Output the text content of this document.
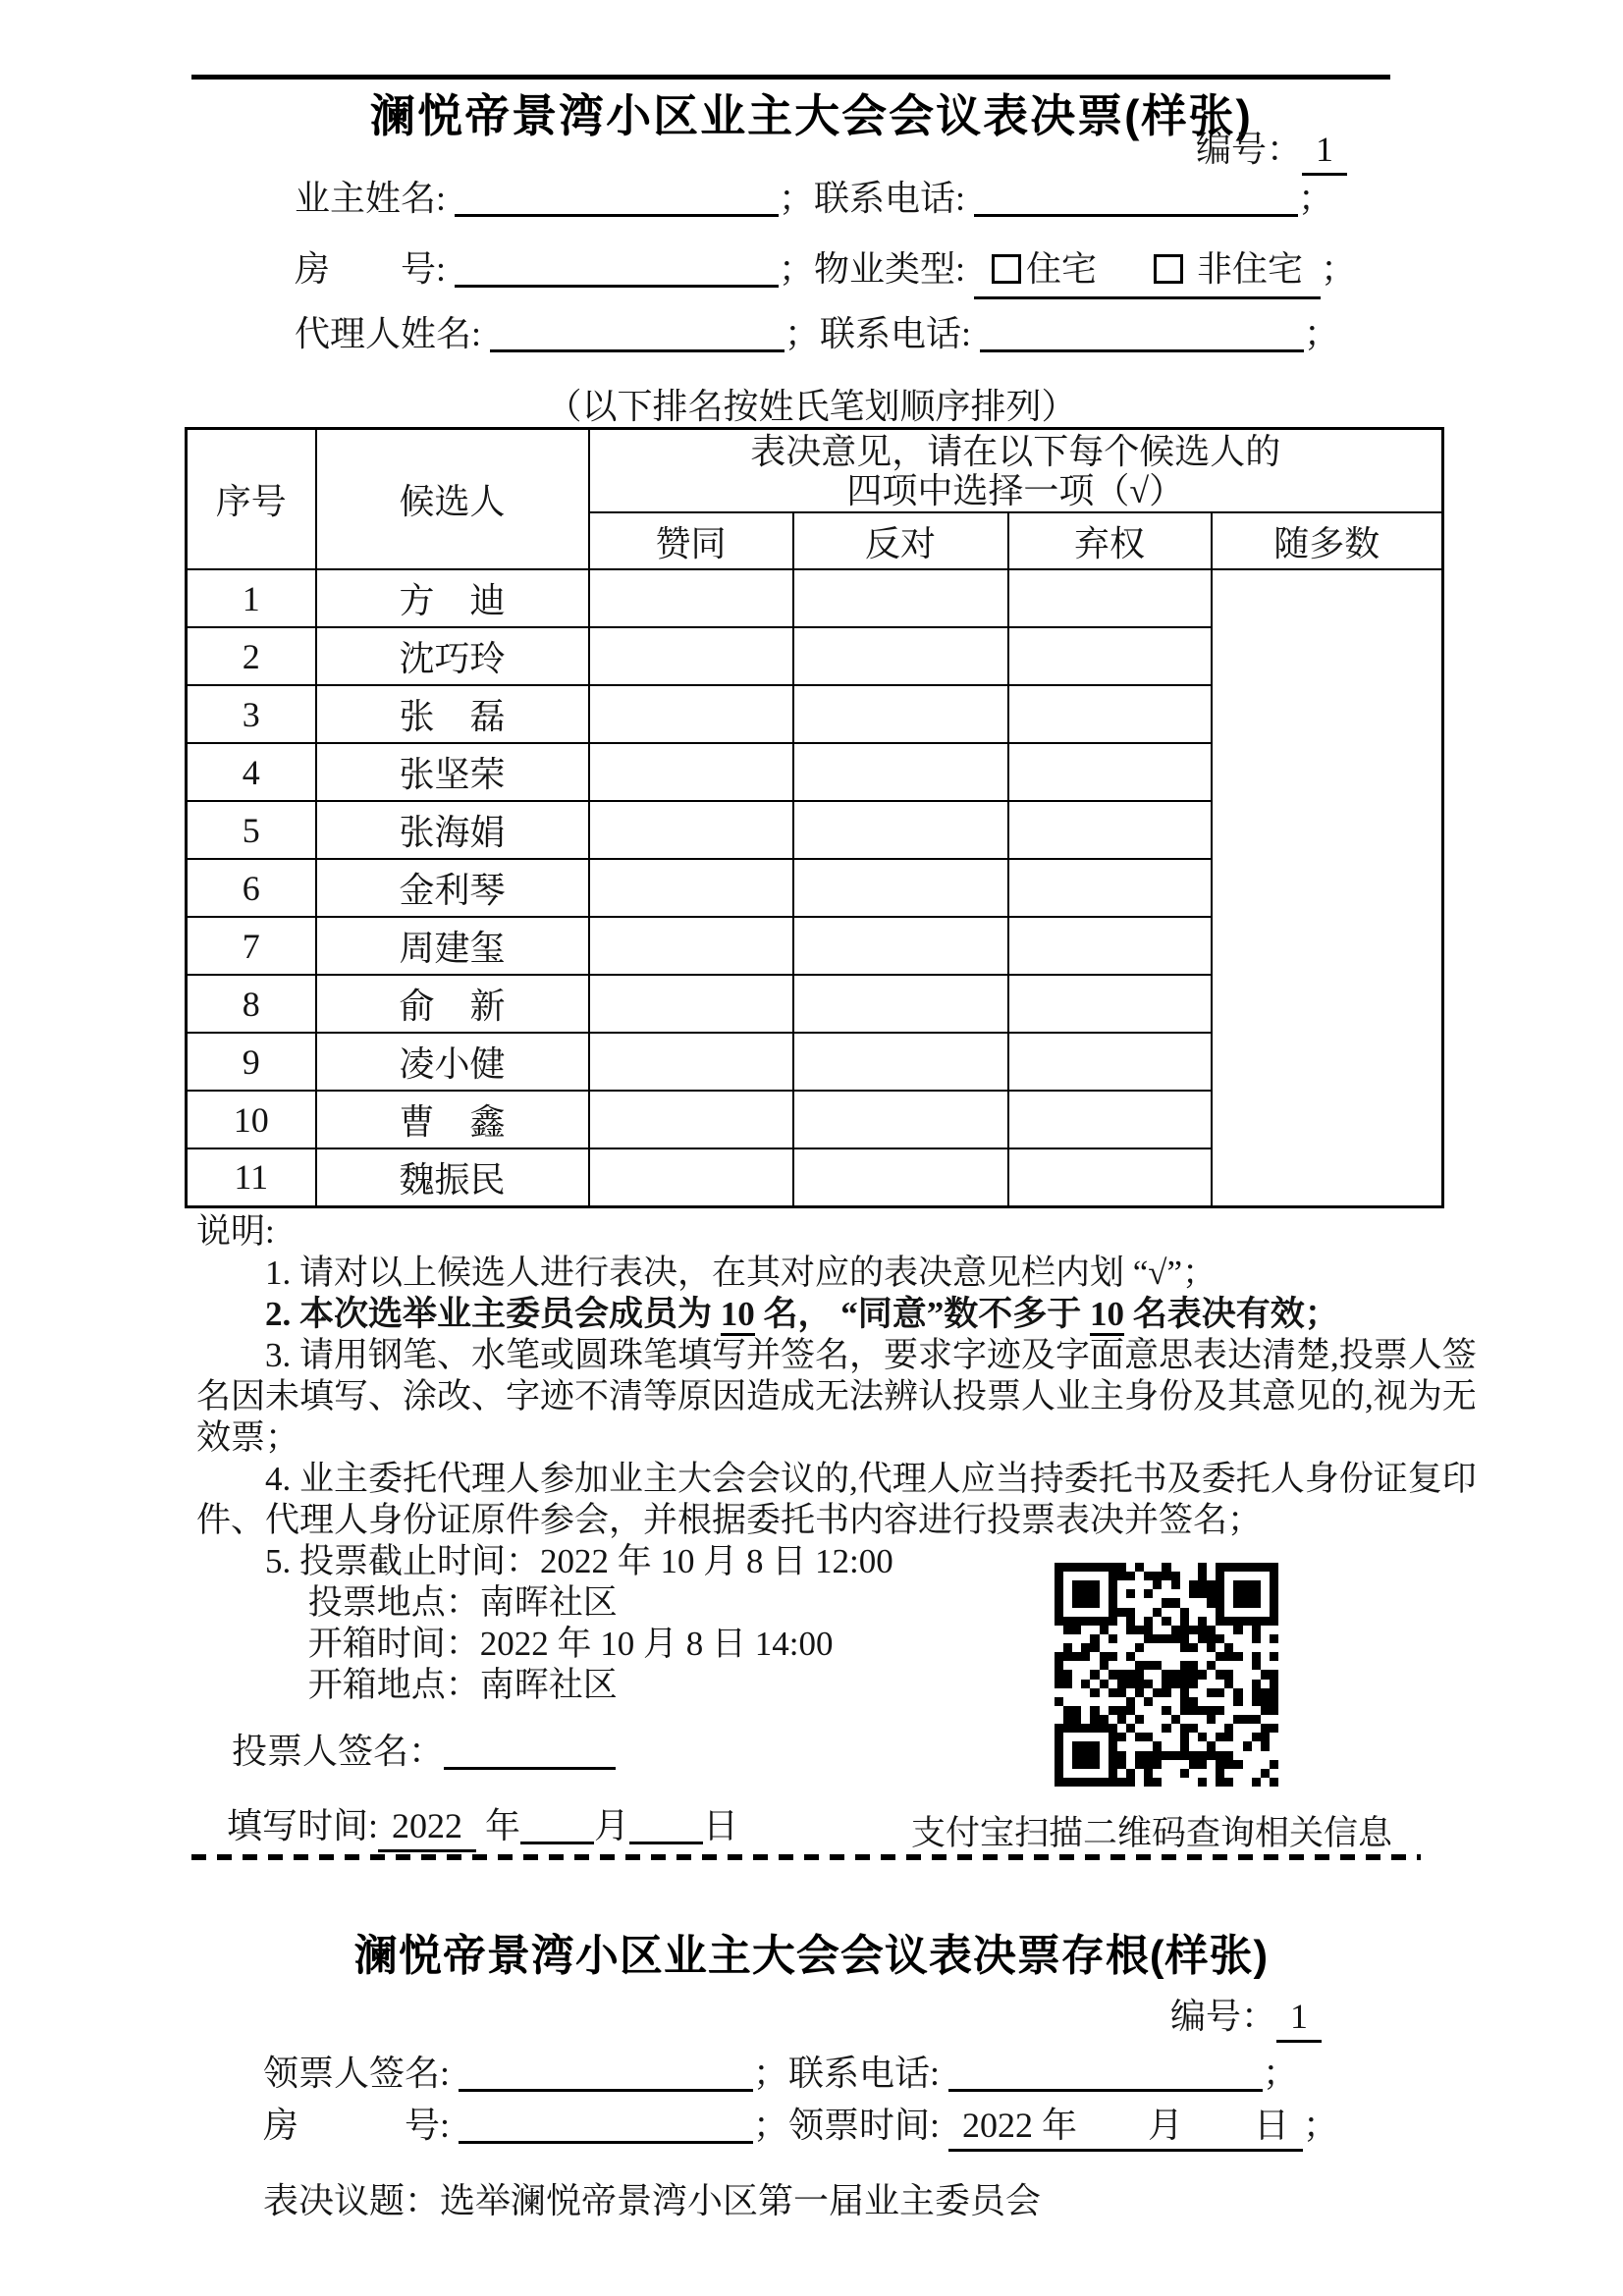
澜悦帝景湾小区业主大会会议表决票(样张)
（以下排名按姓氏笔划顺序排列）
序号	候选人	表决意见，请在以下每个候选人的
四项中选择一项（√）			

		赞同	反对	弃权	随多数
1	方　迪				
2	沈巧玲				
3	张　磊				
4	张坚荣				
5	张海娟				
6	金利琴				
7	周建玺				
8	俞　新				
9	凌小健				
10	曹　鑫				
11	魏振民				
说明:
　　1. 请对以上候选人进行表决，在其对应的表决意见栏内划 “√”；
　　2. 本次选举业主委员会成员为 10 名， “同意”数不多于 10 名表决有效；
　　3. 请用钢笔、水笔或圆珠笔填写并签名，要求字迹及字面意思表达清楚,投票人签
名因未填写、涂改、字迹不清等原因造成无法辨认投票人业主身份及其意见的,视为无
效票；
　　4. 业主委托代理人参加业主大会会议的,代理人应当持委托书及委托人身份证复印
件、代理人身份证原件参会，并根据委托书内容进行投票表决并签名；
　　5. 投票截止时间：2022 年 10 月 8 日 12:00
　　　 投票地点：南晖社区
　　　 开箱时间：2022 年 10 月 8 日 14:00
　　　 开箱地点：南晖社区
支付宝扫描二维码查询相关信息
澜悦帝景湾小区业主大会会议表决票存根(样张)
编号： 1
业主姓名:	；联系电话:	；
房　　号:	；物业类型: 住宅	非住宅 ；
代理人姓名:	；联系电话:	；
投票人签名：
填写时间: 2022 年 月 日
编号： 1
领票人签名:	；联系电话:	；
房　　　号:	；领票时间: 2022 年　　月　　日 ；
表决议题：选举澜悦帝景湾小区第一届业主委员会
